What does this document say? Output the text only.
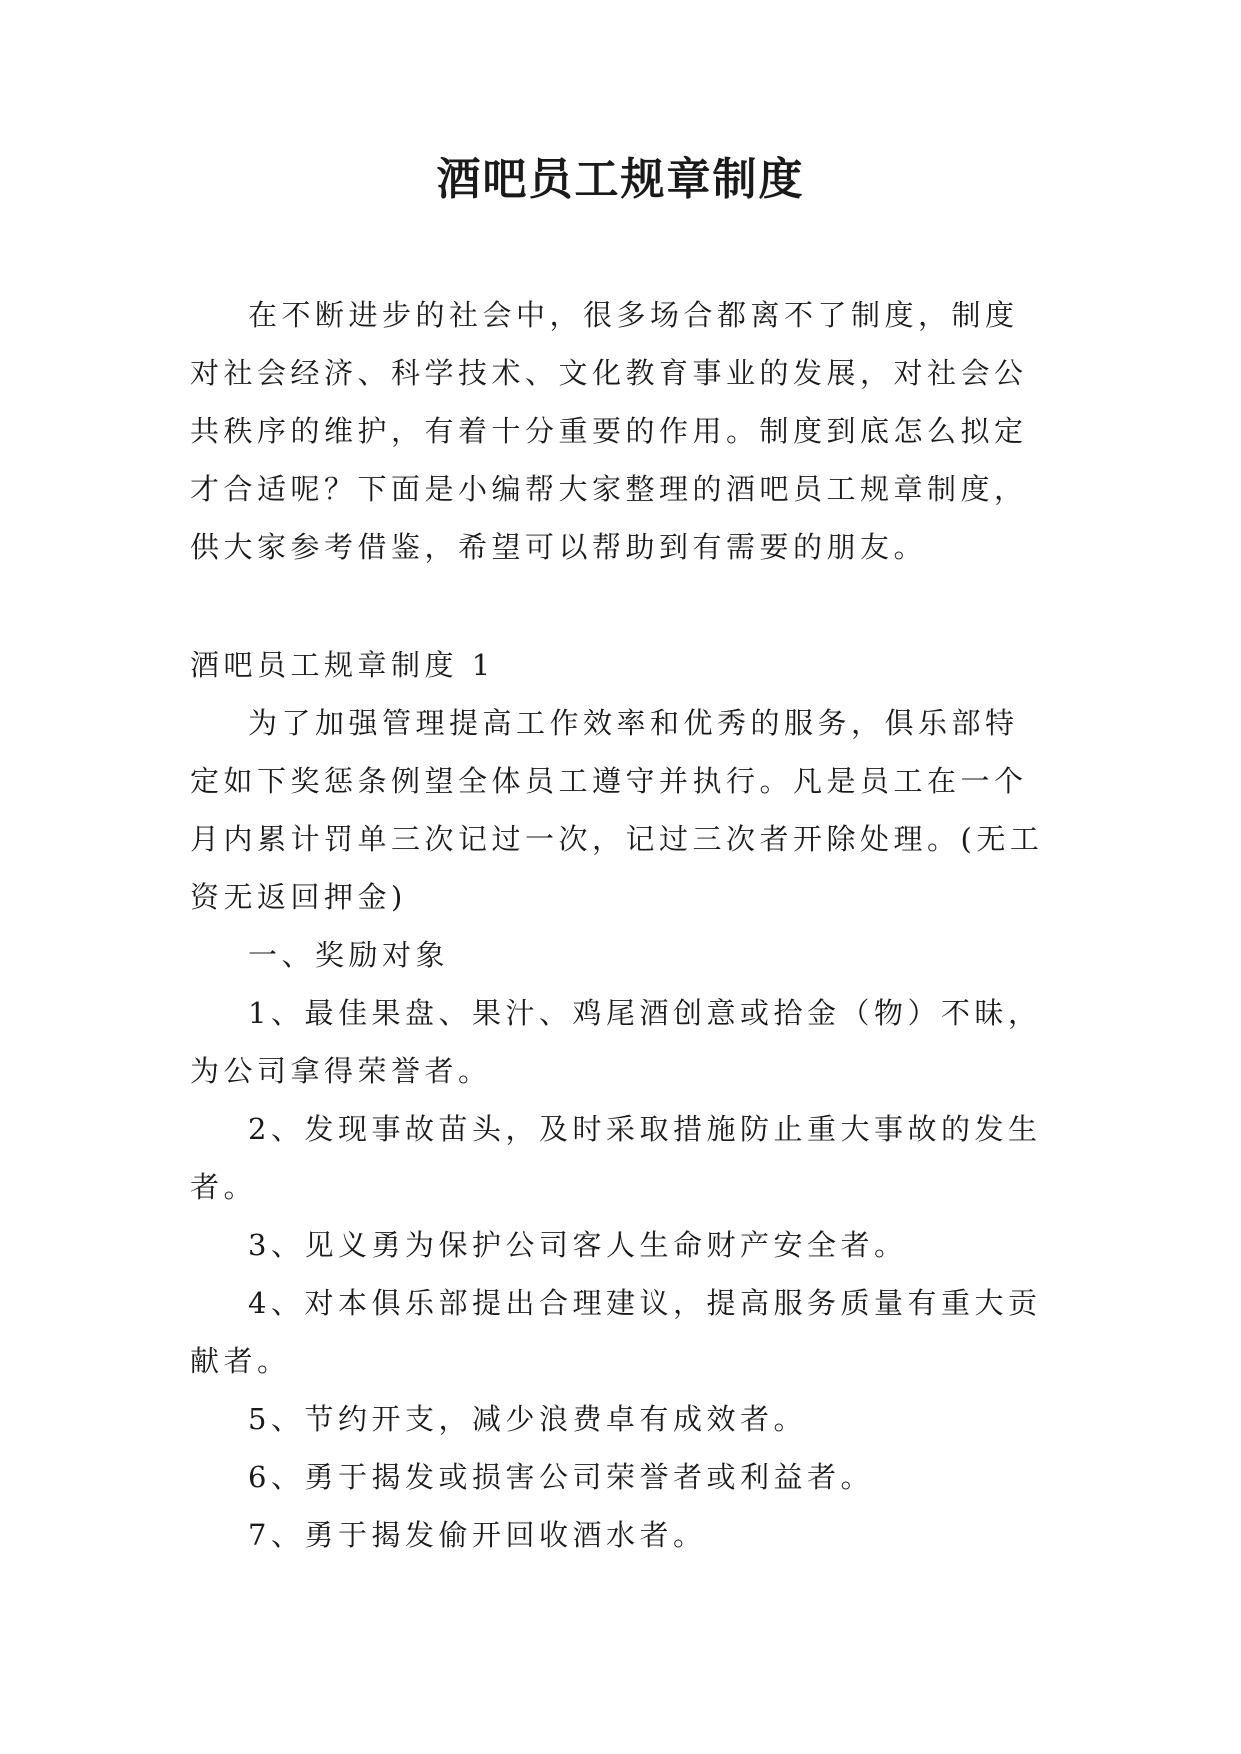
酒吧员工规章制度

在不断进步的社会中，很多场合都离不了制度，制度对社会经济、科学技术、文化教育事业的发展，对社会公共秩序的维护，有着十分重要的作用。制度到底怎么拟定才合适呢？下面是小编帮大家整理的酒吧员工规章制度，供大家参考借鉴，希望可以帮助到有需要的朋友。

酒吧员工规章制度 1

为了加强管理提高工作效率和优秀的服务，俱乐部特定如下奖惩条例望全体员工遵守并执行。凡是员工在一个月内累计罚单三次记过一次，记过三次者开除处理。(无工资无返回押金)

一、奖励对象

1、最佳果盘、果汁、鸡尾酒创意或拾金（物）不昧，为公司拿得荣誉者。

2、发现事故苗头，及时采取措施防止重大事故的发生者。

3、见义勇为保护公司客人生命财产安全者。

4、对本俱乐部提出合理建议，提高服务质量有重大贡献者。

5、节约开支，减少浪费卓有成效者。

6、勇于揭发或损害公司荣誉者或利益者。

7、勇于揭发偷开回收酒水者。
